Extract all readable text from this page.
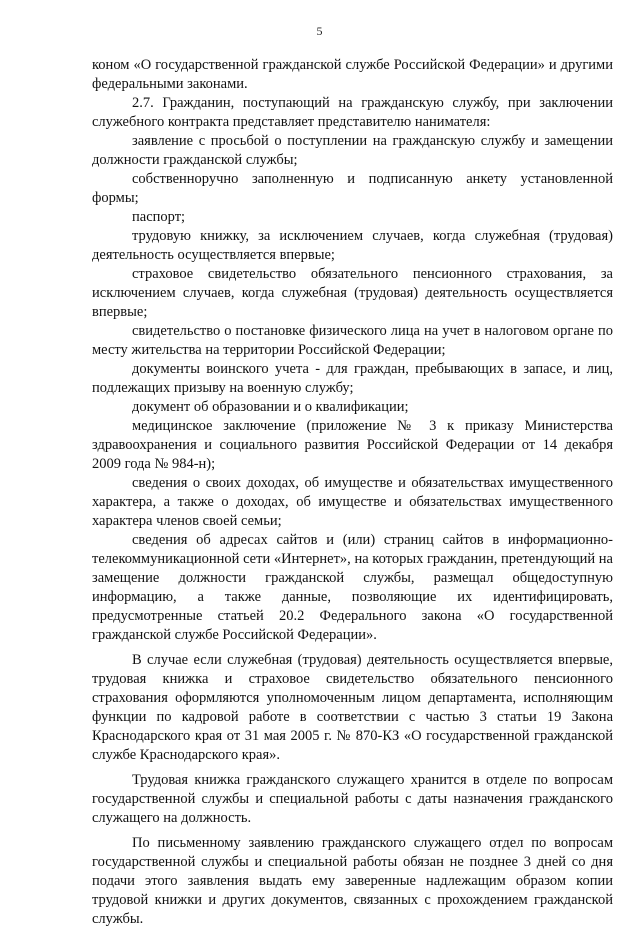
5

коном «О государственной гражданской службе Российской Федерации» и другими федеральными законами.

2.7. Гражданин, поступающий на гражданскую службу, при заключении служебного контракта представляет представителю нанимателя:

заявление с просьбой о поступлении на гражданскую службу и замещении должности гражданской службы;

собственноручно заполненную и подписанную анкету установленной формы;

паспорт;

трудовую книжку, за исключением случаев, когда служебная (трудовая) деятельность осуществляется впервые;

страховое свидетельство обязательного пенсионного страхования, за исключением случаев, когда служебная (трудовая) деятельность осуществляется впервые;

свидетельство о постановке физического лица на учет в налоговом органе по месту жительства на территории Российской Федерации;

документы воинского учета - для граждан, пребывающих в запасе, и лиц, подлежащих призыву на военную службу;

документ об образовании и о квалификации;

медицинское заключение (приложение № 3 к приказу Министерства здравоохранения и социального развития Российской Федерации от 14 декабря 2009 года № 984-н);

сведения о своих доходах, об имуществе и обязательствах имущественного характера, а также о доходах, об имуществе и обязательствах имущественного характера членов своей семьи;

сведения об адресах сайтов и (или) страниц сайтов в информационно-телекоммуникационной сети «Интернет», на которых гражданин, претендующий на замещение должности гражданской службы, размещал общедоступную информацию, а также данные, позволяющие их идентифицировать, предусмотренные статьей 20.2 Федерального закона «О государственной гражданской службе Российской Федерации».

В случае если служебная (трудовая) деятельность осуществляется впервые, трудовая книжка и страховое свидетельство обязательного пенсионного страхования оформляются уполномоченным лицом департамента, исполняющим функции по кадровой работе в соответствии с частью 3 статьи 19 Закона Краснодарского края от 31 мая 2005 г. № 870-КЗ «О государственной гражданской службе Краснодарского края».

Трудовая книжка гражданского служащего хранится в отделе по вопросам государственной службы и специальной работы с даты назначения гражданского служащего на должность.

По письменному заявлению гражданского служащего отдел по вопросам государственной службы и специальной работы обязан не позднее 3 дней со дня подачи этого заявления выдать ему заверенные надлежащим образом копии трудовой книжки и других документов, связанных с прохождением гражданской службы.
